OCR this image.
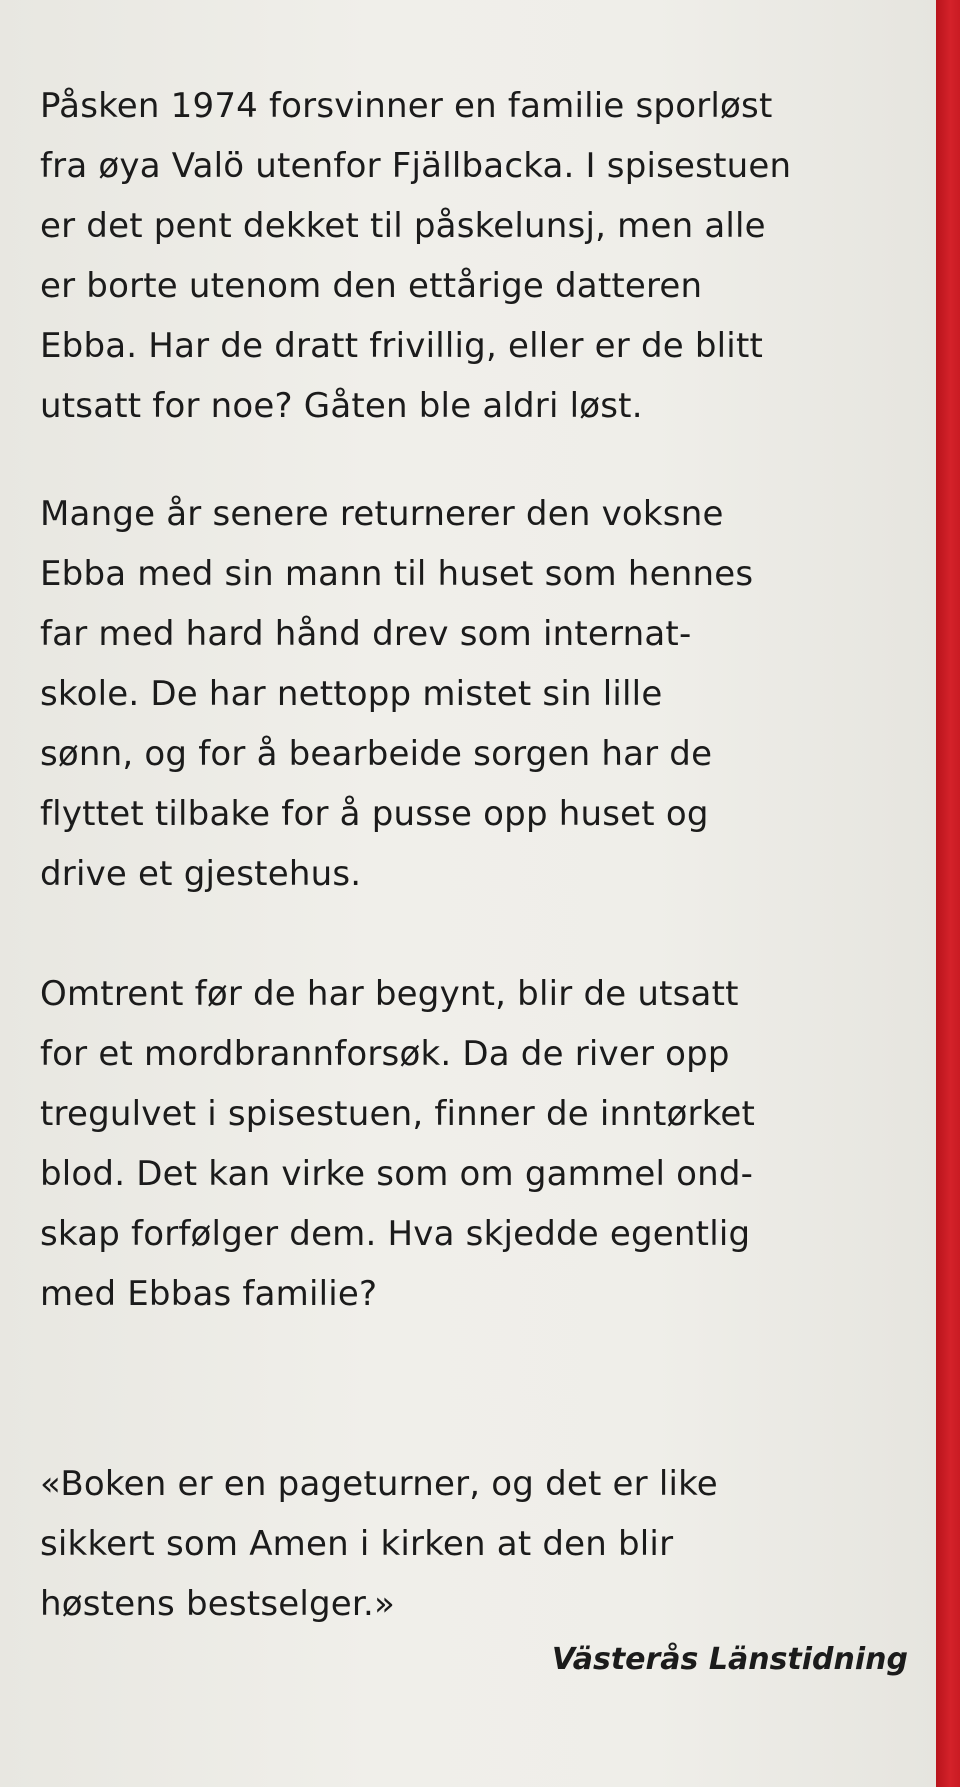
Påsken 1974 forsvinner en familie sporløst
fra øya Valö utenfor Fjällbacka. I spisestuen
er det pent dekket til påskelunsj, men alle
er borte utenom den ettårige datteren
Ebba. Har de dratt frivillig, eller er de blitt
utsatt for noe? Gåten ble aldri løst.
Mange år senere returnerer den voksne
Ebba med sin mann til huset som hennes
far med hard hånd drev som internat-
skole. De har nettopp mistet sin lille
sønn, og for å bearbeide sorgen har de
flyttet tilbake for å pusse opp huset og
drive et gjestehus.
Omtrent før de har begynt, blir de utsatt
for et mordbrannforsøk. Da de river opp
tregulvet i spisestuen, finner de inntørket
blod. Det kan virke som om gammel ond-
skap forfølger dem. Hva skjedde egentlig
med Ebbas familie?
«Boken er en pageturner, og det er like
sikkert som Amen i kirken at den blir
høstens bestselger.»
Västerås Länstidning
